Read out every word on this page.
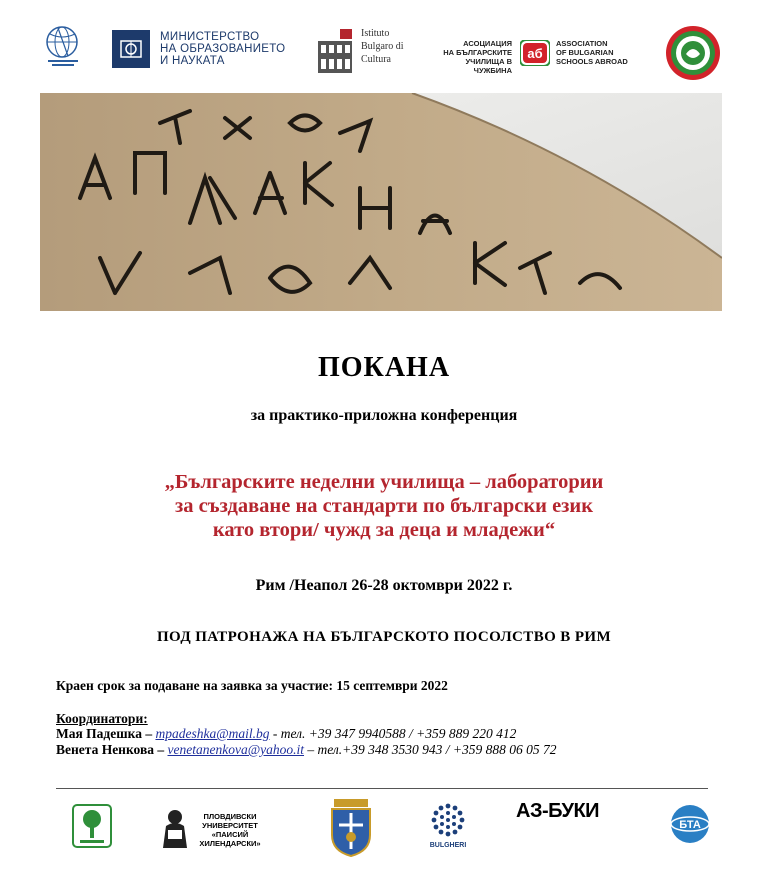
МИНИСТЕРСТВО
НА ОБРАЗОВАНИЕТО
И НАУКАТА
Istituto
Bulgaro di
Cultura
АСОЦИАЦИЯ
НА БЪЛГАРСКИТЕ
УЧИЛИЩА В ЧУЖБИНА
аб
ASSOCIATION
OF BULGARIAN
SCHOOLS ABROAD
ПОКАНА
за практико-приложна конференция
„Българските неделни училища – лаборатории
за създаване на стандарти по български език
като втори/ чужд за деца и младежи“
Рим /Неапол 26-28 октомври 2022 г.
ПОД ПАТРОНАЖА НА БЪЛГАРСКОТО ПОСОЛСТВО В РИМ
Краен срок за подаване на заявка за участие: 15 септември 2022
Координатори:
Мая Падешка – mpadeshka@mail.bg - тел. +39 347 9940588 / +359 889 220 412
Венета Ненкова – venetanenkova@yahoo.it – тел.+39 348 3530 943 / +359 888 06 05 72
ПЛОВДИВСКИ
УНИВЕРСИТЕТ
«ПАИСИЙ
ХИЛЕНДАРСКИ»	BULGHERI
АЗ-БУКИ
БТА
